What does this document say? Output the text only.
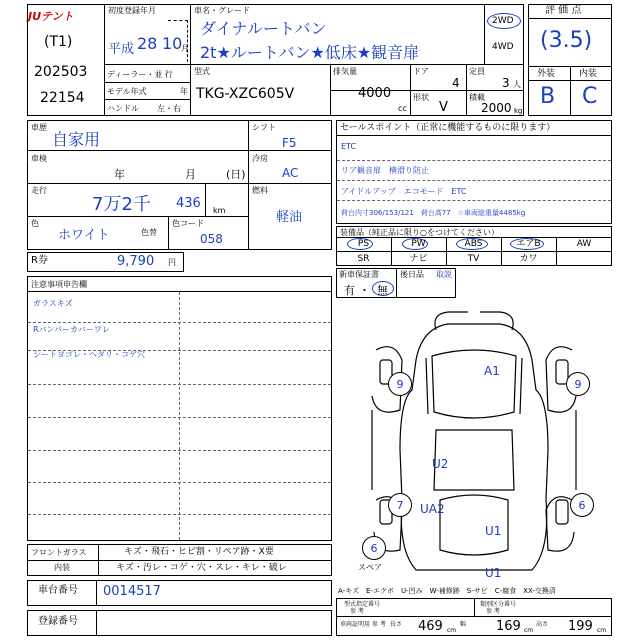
JUテント
(T1)
202503
22154
初度登録年月
平成 28 10
月
車名・グレード
ダイナルートバン
2t★ルートバン★低床★観音扉
2WD
4WD
ディーラー・並 行
モデル年式	年
ハンドル 左・右
型式
TKG-XZC605V
排気量
4000
cc
ドア
4
定員
3 人
形状
V
積載
2000 kg
評 価 点
(3.5)
外装	内装
B C
車歴
自家用
車検
年	月	(日)
走行
7万2千 436 km
色
ホワイト	色替
色コード
058
シフト
F5
冷房
AC
燃料
軽油
R券	9,790 円
注意事項申告欄
ガラスキズ
Rバンパーカバーワレ
シートヨゴレ・ヘタリ・コゲ穴
セールスポイント（正常に機能するものに限ります）
ETC
リア観音扉　横滑り防止
アイドルアップ　エコモード　ETC
荷台内寸306/153/121　荷台高77　☆車両総重量4485kg
装備品（純正品に限り○をつけてください）
PS	PW	ABS	エアB	AW
SR	ナビ	TV	カワ
新車保証書
有 ・ 無
後日品 取説
A1
U2
UA2
U1
U1
9	9
7	6
6
スペア
A-キズ　E-エクボ　U-凹み　W-補修跡　S-サビ　C-腐食　XX-交換済
型式指定番号
参 考
類別区分番号
参 考
車両証明用 参 考 長さ 469 cm
幅 169 cm
高さ 199 cm
フロントガラス	キズ・飛石・ヒビ割・リペア跡・X要
内装	キズ・汚レ・コゲ・穴・スレ・キレ・破レ
車台番号 0014517
登録番号
